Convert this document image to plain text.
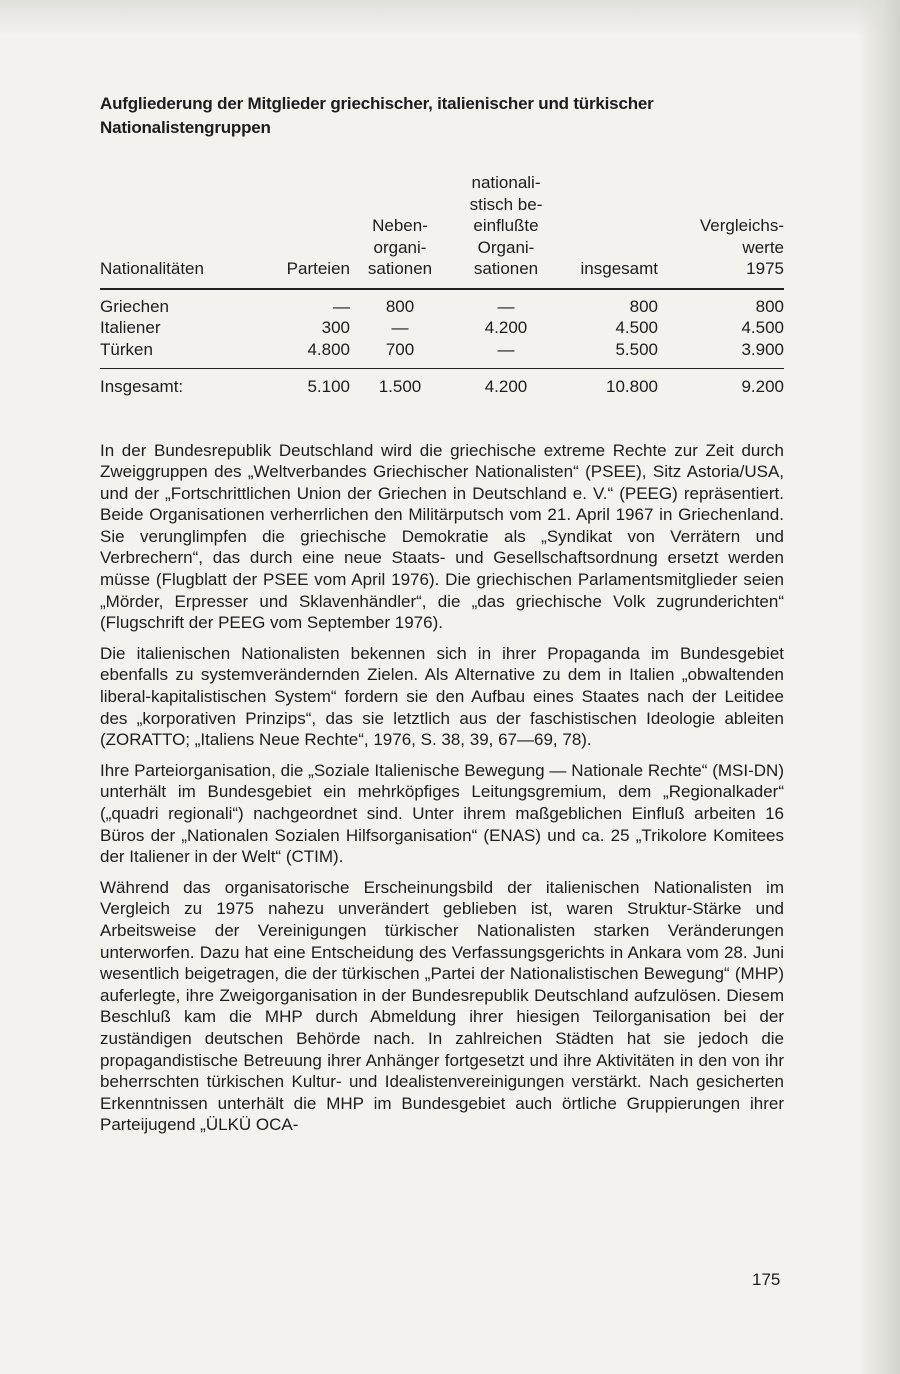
Aufgliederung der Mitglieder griechischer, italienischer und türkischer Nationalistengruppen
Nationalitäten	Parteien	Neben-
organi-
sationen	nationali-
stisch be-
einflußte
Organi-
sationen	insgesamt	Vergleichs-
werte
1975
Griechen	—	800	—	800	800
Italiener	300	—	4.200	4.500	4.500
Türken	4.800	700	—	5.500	3.900
Insgesamt:	5.100	1.500	4.200	10.800	9.200

In der Bundesrepublik Deutschland wird die griechische extreme Rechte zur Zeit durch Zweiggruppen des „Weltverbandes Griechischer Nationalisten“ (PSEE), Sitz Astoria/USA, und der „Fortschrittlichen Union der Griechen in Deutschland e. V.“ (PEEG) repräsentiert. Beide Organisationen verherrlichen den Militärputsch vom 21. April 1967 in Griechenland. Sie verunglimpfen die griechische Demokratie als „Syndikat von Verrätern und Verbrechern“, das durch eine neue Staats- und Gesellschaftsordnung ersetzt werden müsse (Flugblatt der PSEE vom April 1976). Die griechischen Parlamentsmitglieder seien „Mörder, Erpresser und Sklavenhändler“, die „das griechische Volk zugrunderichten“ (Flugschrift der PEEG vom September 1976).

Die italienischen Nationalisten bekennen sich in ihrer Propaganda im Bundesgebiet ebenfalls zu systemverändernden Zielen. Als Alternative zu dem in Italien „obwaltenden liberal-kapitalistischen System“ fordern sie den Aufbau eines Staates nach der Leitidee des „korporativen Prinzips“, das sie letztlich aus der faschistischen Ideologie ableiten (ZORATTO; „Italiens Neue Rechte“, 1976, S. 38, 39, 67—69, 78).

Ihre Parteiorganisation, die „Soziale Italienische Bewegung — Nationale Rechte“ (MSI-DN) unterhält im Bundesgebiet ein mehrköpfiges Leitungsgremium, dem „Regionalkader“ („quadri regionali“) nachgeordnet sind. Unter ihrem maßgeblichen Einfluß arbeiten 16 Büros der „Nationalen Sozialen Hilfsorganisation“ (ENAS) und ca. 25 „Trikolore Komitees der Italiener in der Welt“ (CTIM).

Während das organisatorische Erscheinungsbild der italienischen Nationalisten im Vergleich zu 1975 nahezu unverändert geblieben ist, waren Struktur-Stärke und Arbeitsweise der Vereinigungen türkischer Nationalisten starken Veränderungen unterworfen. Dazu hat eine Entscheidung des Verfassungsgerichts in Ankara vom 28. Juni wesentlich beigetragen, die der türkischen „Partei der Nationalistischen Bewegung“ (MHP) auferlegte, ihre Zweigorganisation in der Bundesrepublik Deutschland aufzulösen. Diesem Beschluß kam die MHP durch Abmeldung ihrer hiesigen Teilorganisation bei der zuständigen deutschen Behörde nach. In zahlreichen Städten hat sie jedoch die propagandistische Betreuung ihrer Anhänger fortgesetzt und ihre Aktivitäten in den von ihr beherrschten türkischen Kultur- und Idealistenvereinigungen verstärkt. Nach gesicherten Erkenntnissen unterhält die MHP im Bundesgebiet auch örtliche Gruppierungen ihrer Parteijugend „ÜLKÜ OCA-

175
